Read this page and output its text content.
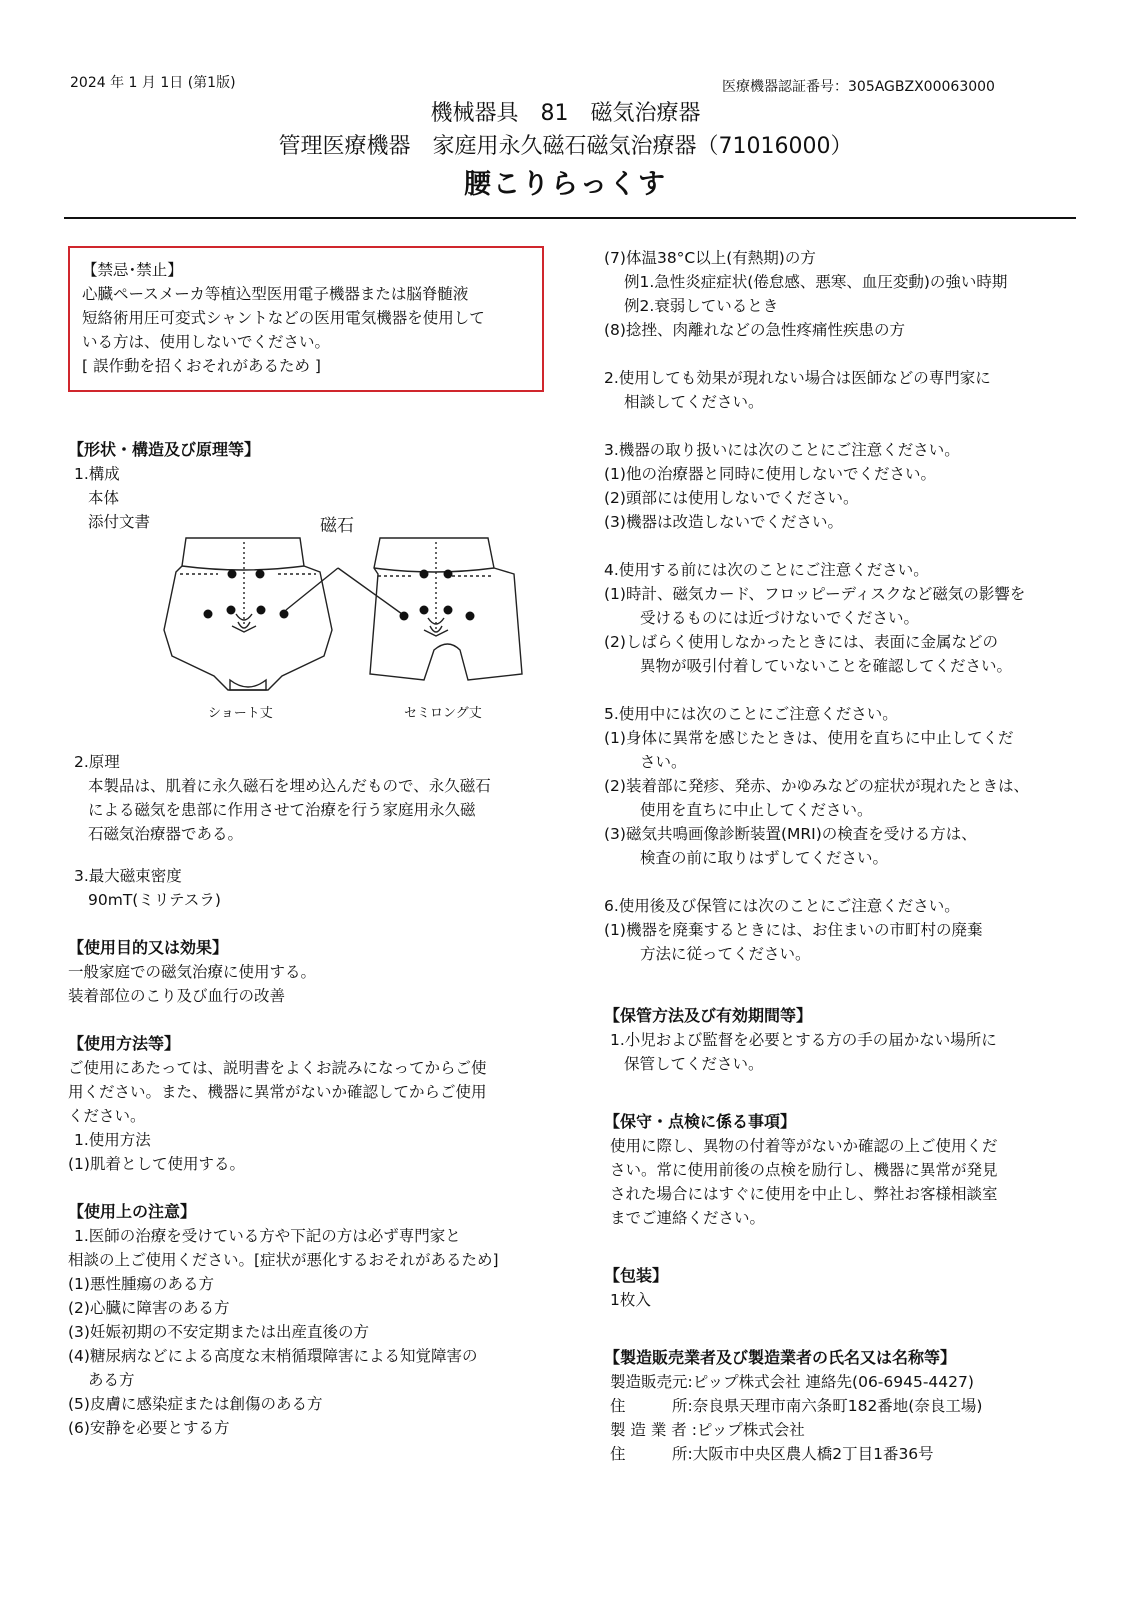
2024 年 1 月 1日 (第1版)	医療機器認証番号：305AGBZX00063000
機械器具　81　磁気治療器
管理医療機器　家庭用永久磁石磁気治療器（71016000）
腰こりらっくす

【禁忌･禁止】

心臓ペースメーカ等植込型医用電子機器または脳脊髄液

短絡術用圧可変式シャントなどの医用電気機器を使用して

いる方は、使用しないでください。

[ 誤作動を招くおそれがあるため ]

【形状・構造及び原理等】

1.構成

本体

添付文書	磁石
ショート丈	セミロング丈

2.原理

本製品は、肌着に永久磁石を埋め込んだもので、永久磁石

による磁気を患部に作用させて治療を行う家庭用永久磁

石磁気治療器である。

3.最大磁束密度

90mT(ミリテスラ)

【使用目的又は効果】

一般家庭での磁気治療に使用する。

装着部位のこり及び血行の改善

【使用方法等】

ご使用にあたっては、説明書をよくお読みになってからご使

用ください。また、機器に異常がないか確認してからご使用

ください。

1.使用方法

(1)肌着として使用する。

【使用上の注意】

1.医師の治療を受けている方や下記の方は必ず専門家と

相談の上ご使用ください。[症状が悪化するおそれがあるため]

(1)悪性腫瘍のある方

(2)心臓に障害のある方

(3)妊娠初期の不安定期または出産直後の方

(4)糖尿病などによる高度な末梢循環障害による知覚障害の

ある方

(5)皮膚に感染症または創傷のある方

(6)安静を必要とする方

(7)体温38°C以上(有熱期)の方

例1.急性炎症症状(倦怠感、悪寒、血圧変動)の強い時期

例2.衰弱しているとき

(8)捻挫、肉離れなどの急性疼痛性疾患の方

2.使用しても効果が現れない場合は医師などの専門家に

相談してください。

3.機器の取り扱いには次のことにご注意ください。

(1)他の治療器と同時に使用しないでください。

(2)頭部には使用しないでください。

(3)機器は改造しないでください。

4.使用する前には次のことにご注意ください。

(1)時計、磁気カード、フロッピーディスクなど磁気の影響を

受けるものには近づけないでください。

(2)しばらく使用しなかったときには、表面に金属などの

異物が吸引付着していないことを確認してください。

5.使用中には次のことにご注意ください。

(1)身体に異常を感じたときは、使用を直ちに中止してくだ

さい。

(2)装着部に発疹、発赤、かゆみなどの症状が現れたときは、

使用を直ちに中止してください。

(3)磁気共鳴画像診断装置(MRI)の検査を受ける方は、

検査の前に取りはずしてください。

6.使用後及び保管には次のことにご注意ください。

(1)機器を廃棄するときには、お住まいの市町村の廃棄

方法に従ってください。

【保管方法及び有効期間等】

1.小児および監督を必要とする方の手の届かない場所に

保管してください。

【保守・点検に係る事項】

使用に際し、異物の付着等がないか確認の上ご使用くだ

さい。常に使用前後の点検を励行し、機器に異常が発見

された場合にはすぐに使用を中止し、弊社お客様相談室

までご連絡ください。

【包装】

1枚入

【製造販売業者及び製造業者の氏名又は名称等】

製造販売元:ピップ株式会社 連絡先(06-6945-4427)

住　　　所:奈良県天理市南六条町182番地(奈良工場)

製 造 業 者 :ピップ株式会社

住　　　所:大阪市中央区農人橋2丁目1番36号
